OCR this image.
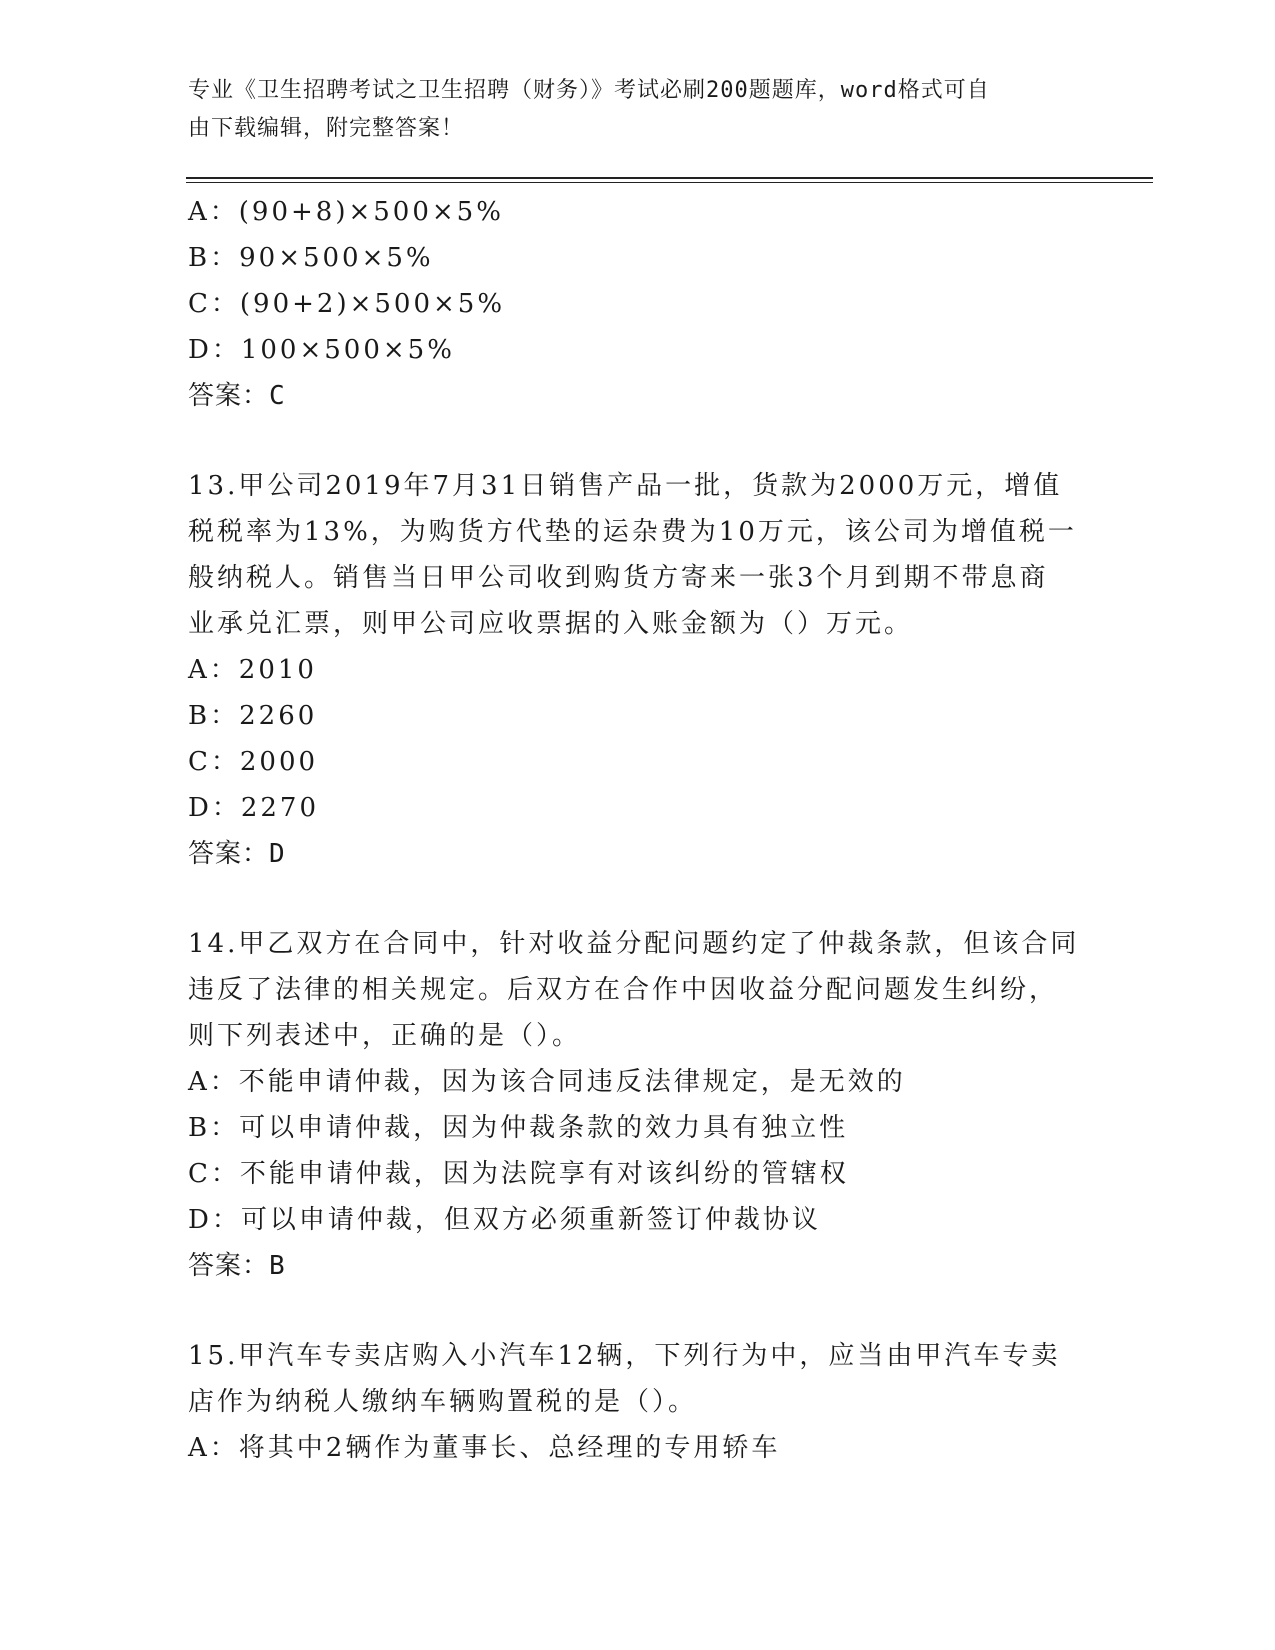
专业《卫生招聘考试之卫生招聘（财务）》考试必刷200题题库，word格式可自
由下载编辑，附完整答案！
A：(90+8)×500×5%
B：90×500×5%
C：(90+2)×500×5%
D：100×500×5%
答案：C
13.甲公司2019年7月31日销售产品一批，货款为2000万元，增值
税税率为13%，为购货方代垫的运杂费为10万元，该公司为增值税一
般纳税人。销售当日甲公司收到购货方寄来一张3个月到期不带息商
业承兑汇票，则甲公司应收票据的入账金额为（）万元。
A：2010
B：2260
C：2000
D：2270
答案：D
14.甲乙双方在合同中，针对收益分配问题约定了仲裁条款，但该合同
违反了法律的相关规定。后双方在合作中因收益分配问题发生纠纷，
则下列表述中，正确的是（）。
A：不能申请仲裁，因为该合同违反法律规定，是无效的
B：可以申请仲裁，因为仲裁条款的效力具有独立性
C：不能申请仲裁，因为法院享有对该纠纷的管辖权
D：可以申请仲裁，但双方必须重新签订仲裁协议
答案：B
15.甲汽车专卖店购入小汽车12辆，下列行为中，应当由甲汽车专卖
店作为纳税人缴纳车辆购置税的是（）。
A：将其中2辆作为董事长、总经理的专用轿车
